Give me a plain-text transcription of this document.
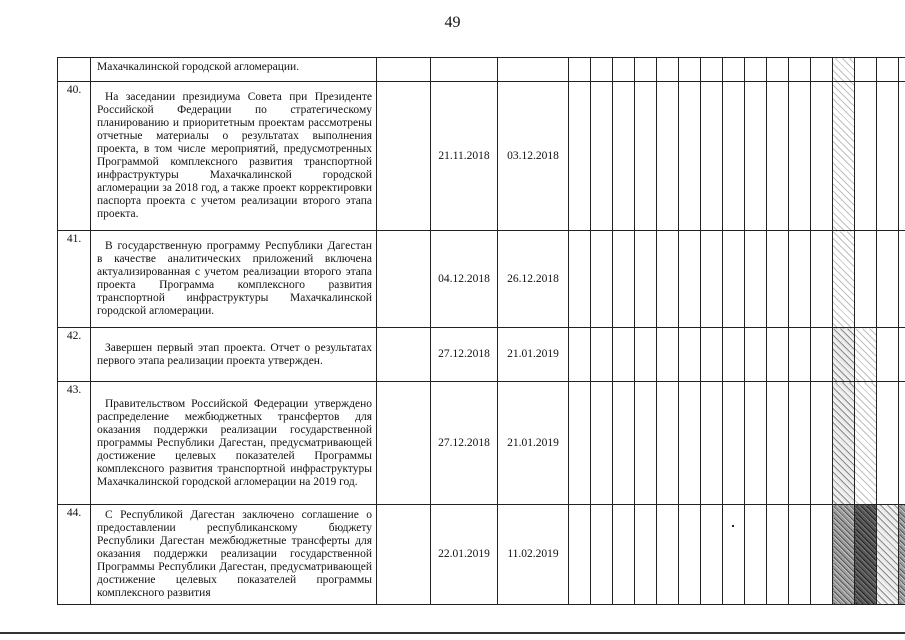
49
	Махачкалинской городской агломерации.																			
40.	На заседании президиума Совета при Президенте Российской Федерации по стратегическому планированию и приоритетным проектам рассмотрены отчетные материалы о результатах выполнения проекта, в том числе мероприятий, предусмотренных Программой комплексного развития транспортной инфраструктуры Махачкалинской городской агломерации за 2018 год, а также проект корректировки паспорта проекта с учетом реализации второго этапа проекта.		21.11.2018	03.12.2018																
41.	В государственную программу Республики Дагестан в качестве аналитических приложений включена актуализированная с учетом реализации второго этапа проекта Программа комплексного развития транспортной инфраструктуры Махачкалинской городской агломерации.		04.12.2018	26.12.2018																
42.	Завершен первый этап проекта. Отчет о результатах первого этапа реализации проекта утвержден.		27.12.2018	21.01.2019																
43.	Правительством Российской Федерации утверждено распределение межбюджетных трансфертов для оказания поддержки реализации государственной программы Республики Дагестан, предусматривающей достижение целевых показателей Программы комплексного развития транспортной инфраструктуры Махачкалинской городской агломерации на 2019 год.		27.12.2018	21.01.2019																
44.	С Республикой Дагестан заключено соглашение о предоставлении республиканскому бюджету Республики Дагестан межбюджетные трансферты для оказания поддержки реализации государственной Программы Республики Дагестан, предусматривающей достижение целевых показателей программы комплексного развития		22.01.2019	11.02.2019								
